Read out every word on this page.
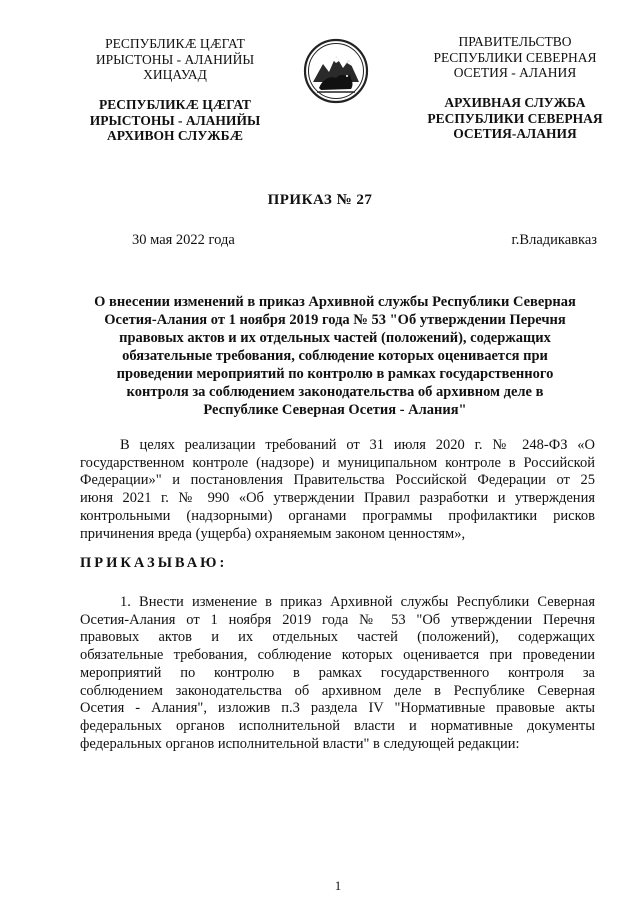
РЕСПУБЛИКÆ ЦÆГАТ
ИРЫСТОНЫ - АЛАНИЙЫ
ХИЦАУАД
РЕСПУБЛИКÆ ЦÆГАТ
ИРЫСТОНЫ - АЛАНИЙЫ
АРХИВОН СЛУЖБÆ
ПРАВИТЕЛЬСТВО
РЕСПУБЛИКИ СЕВЕРНАЯ
ОСЕТИЯ - АЛАНИЯ
АРХИВНАЯ СЛУЖБА
РЕСПУБЛИКИ СЕВЕРНАЯ
ОСЕТИЯ-АЛАНИЯ
ПРИКАЗ № 27
30 мая 2022 года	г.Владикавказ
О внесении изменений в приказ Архивной службы Республики Северная
Осетия-Алания от 1 ноября 2019 года № 53 "Об утверждении Перечня
правовых актов и их отдельных частей (положений), содержащих
обязательные требования, соблюдение которых оценивается при
проведении мероприятий по контролю в рамках государственного
контроля за соблюдением законодательства об архивном деле в
Республике Северная Осетия - Алания"
В целях реализации требований от 31 июля 2020 г. № 248-ФЗ «О
государственном контроле (надзоре) и муниципальном контроле в Российской
Федерации»" и постановления Правительства Российской Федерации от 25
июня 2021 г. № 990 «Об утверждении Правил разработки и утверждения
контрольными (надзорными) органами программы профилактики рисков
причинения вреда (ущерба) охраняемым законом ценностям»,
ПРИКАЗЫВАЮ:
1. Внести изменение в приказ Архивной службы Республики Северная
Осетия-Алания от 1 ноября 2019 года № 53 "Об утверждении Перечня
правовых актов и их отдельных частей (положений), содержащих
обязательные требования, соблюдение которых оценивается при проведении
мероприятий по контролю в рамках государственного контроля за
соблюдением законодательства об архивном деле в Республике Северная
Осетия - Алания", изложив п.3 раздела IV "Нормативные правовые акты
федеральных органов исполнительной власти и нормативные документы
федеральных органов исполнительной власти" в следующей редакции:
1
